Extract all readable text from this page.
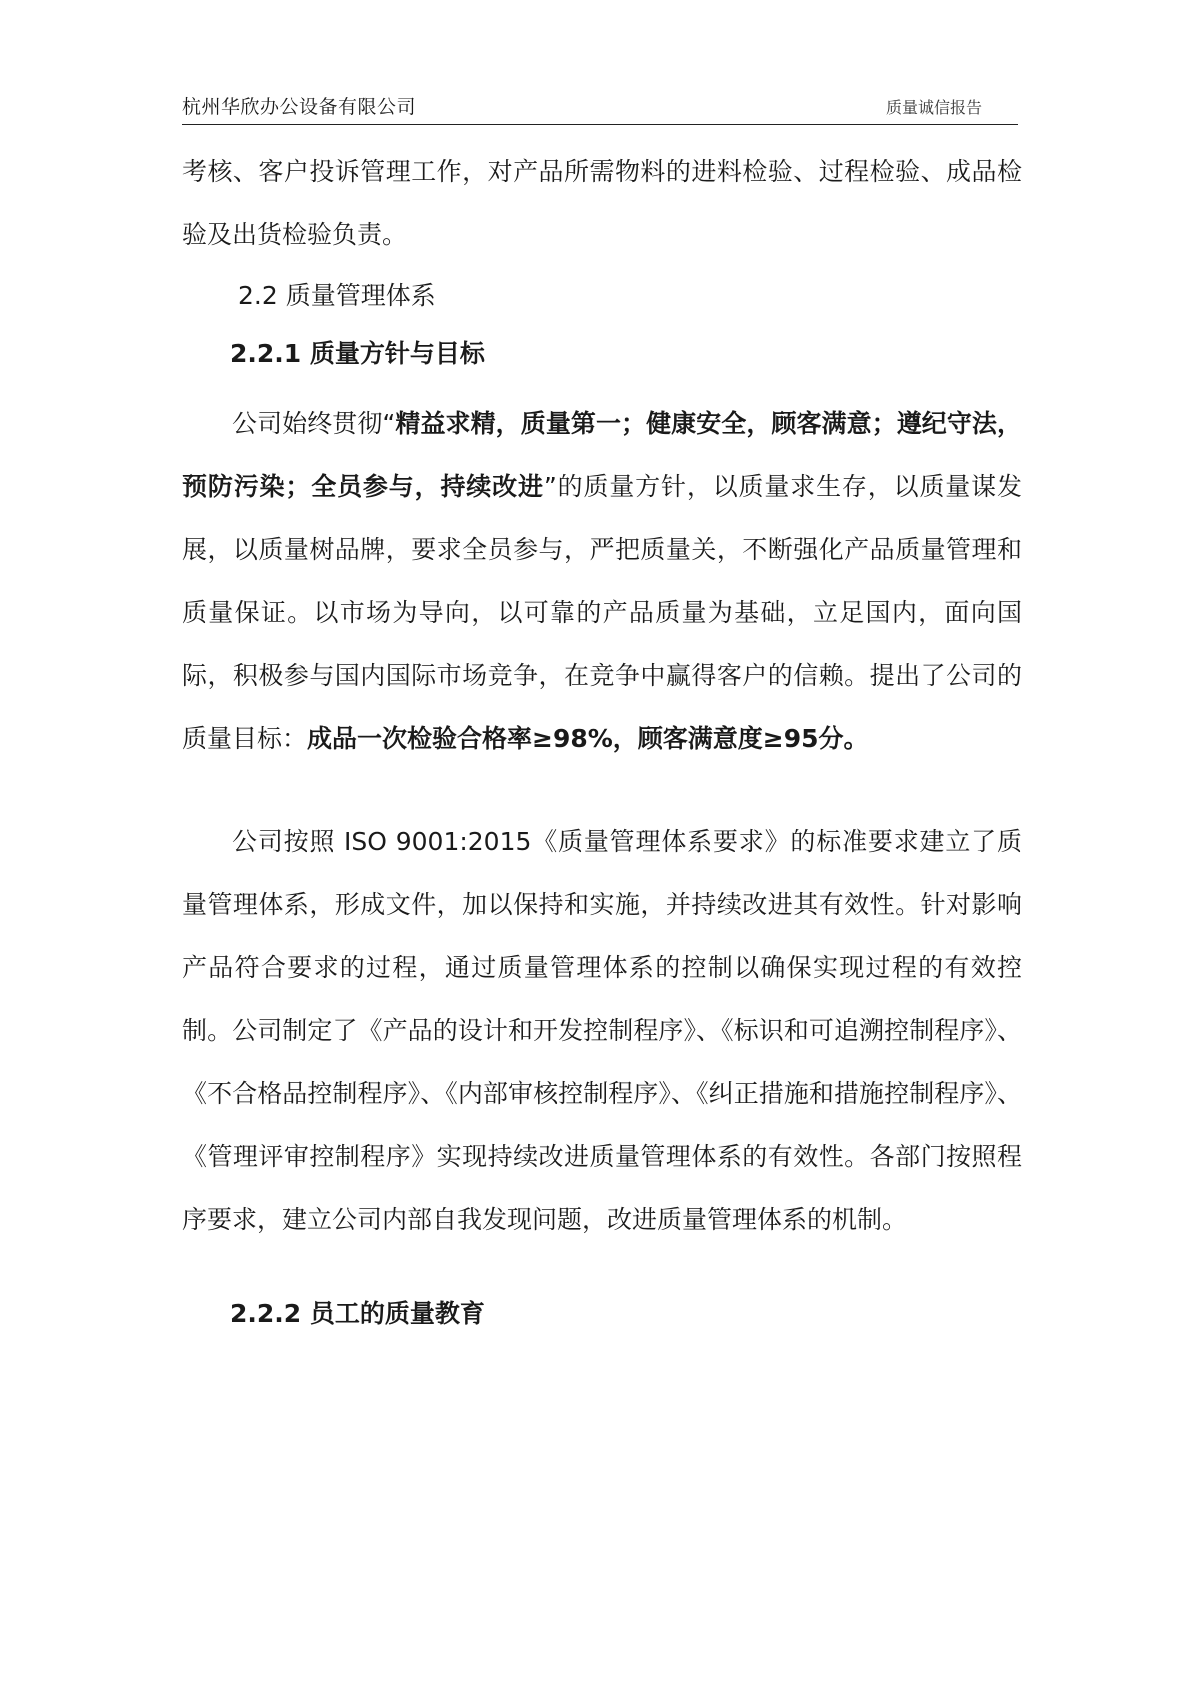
杭州华欣办公设备有限公司	质量诚信报告

考核、客户投诉管理工作，对产品所需物料的进料检验、过程检验、成品检验及出货检验负责。

2.2 质量管理体系
2.2.1 质量方针与目标

公司始终贯彻“精益求精，质量第一；健康安全，顾客满意；遵纪守法，预防污染；全员参与，持续改进”的质量方针，以质量求生存，以质量谋发展，以质量树品牌，要求全员参与，严把质量关，不断强化产品质量管理和质量保证。以市场为导向，以可靠的产品质量为基础，立足国内，面向国际，积极参与国内国际市场竞争，在竞争中赢得客户的信赖。提出了公司的质量目标：成品一次检验合格率≥98%，顾客满意度≥95分。

公司按照 ISO 9001:2015《质量管理体系要求》的标准要求建立了质量管理体系，形成文件，加以保持和实施，并持续改进其有效性。针对影响产品符合要求的过程，通过质量管理体系的控制以确保实现过程的有效控制。公司制定了《产品的设计和开发控制程序》、《标识和可追溯控制程序》、《不合格品控制程序》、《内部审核控制程序》、《纠正措施和措施控制程序》、《管理评审控制程序》实现持续改进质量管理体系的有效性。各部门按照程序要求，建立公司内部自我发现问题，改进质量管理体系的机制。

2.2.2 员工的质量教育
